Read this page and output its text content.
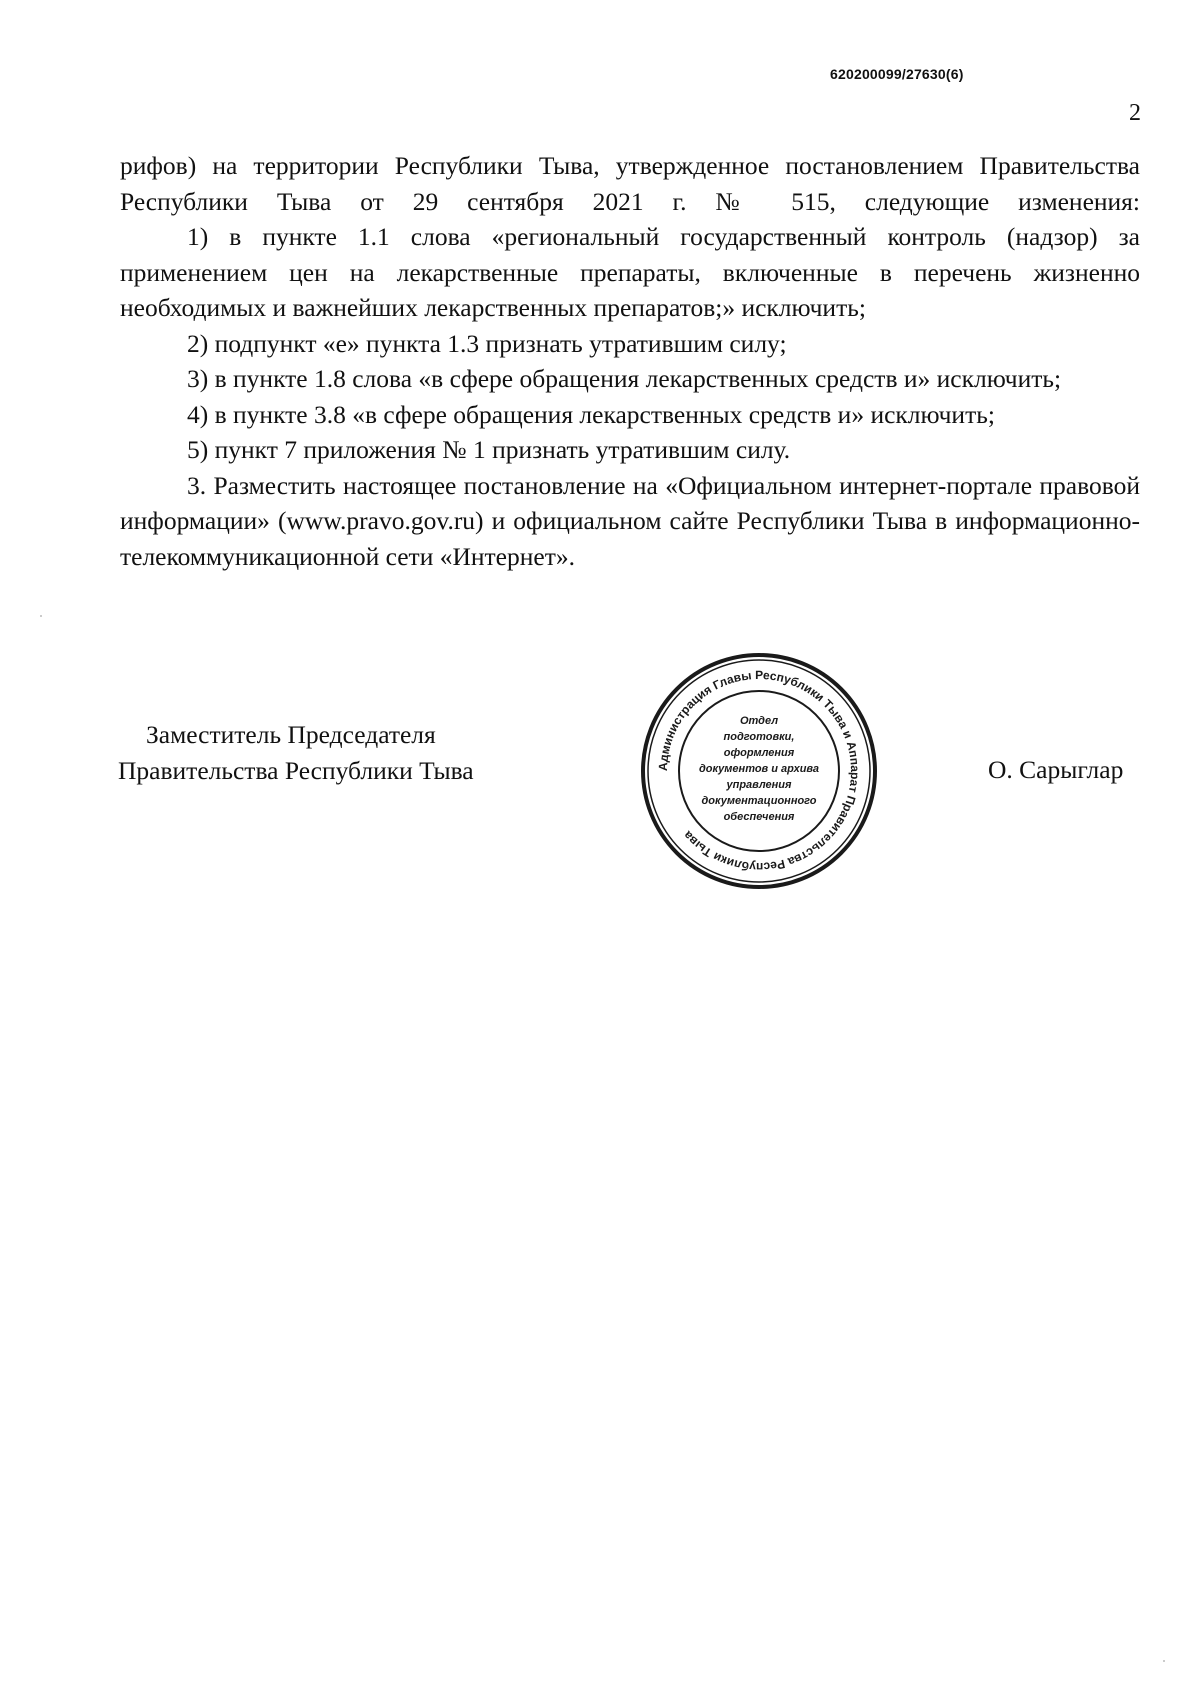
620200099/27630(6)
2

рифов) на территории Республики Тыва, утвержденное постановлением Правительства Республики Тыва от 29 сентября 2021 г. № 515, следующие изменения:

1) в пункте 1.1 слова «региональный государственный контроль (надзор) за применением цен на лекарственные препараты, включенные в перечень жизненно необходимых и важнейших лекарственных препаратов;» исключить;

2) подпункт «е» пункта 1.3 признать утратившим силу;

3) в пункте 1.8 слова «в сфере обращения лекарственных средств и» исключить;

4) в пункте 3.8 «в сфере обращения лекарственных средств и» исключить;

5) пункт 7 приложения № 1 признать утратившим силу.

3. Разместить настоящее постановление на «Официальном интернет-портале правовой информации» (www.pravo.gov.ru) и официальном сайте Республики Тыва в информационно-телекоммуникационной сети «Интернет».

Заместитель Председателя
Правительства Республики Тыва	Администрация Главы Республики Тыва и Аппарат Правительства Республики Тыва
Отдел
подготовки,
оформления
документов и архива
управления
документационного
обеспечения
О. Сарыглар
